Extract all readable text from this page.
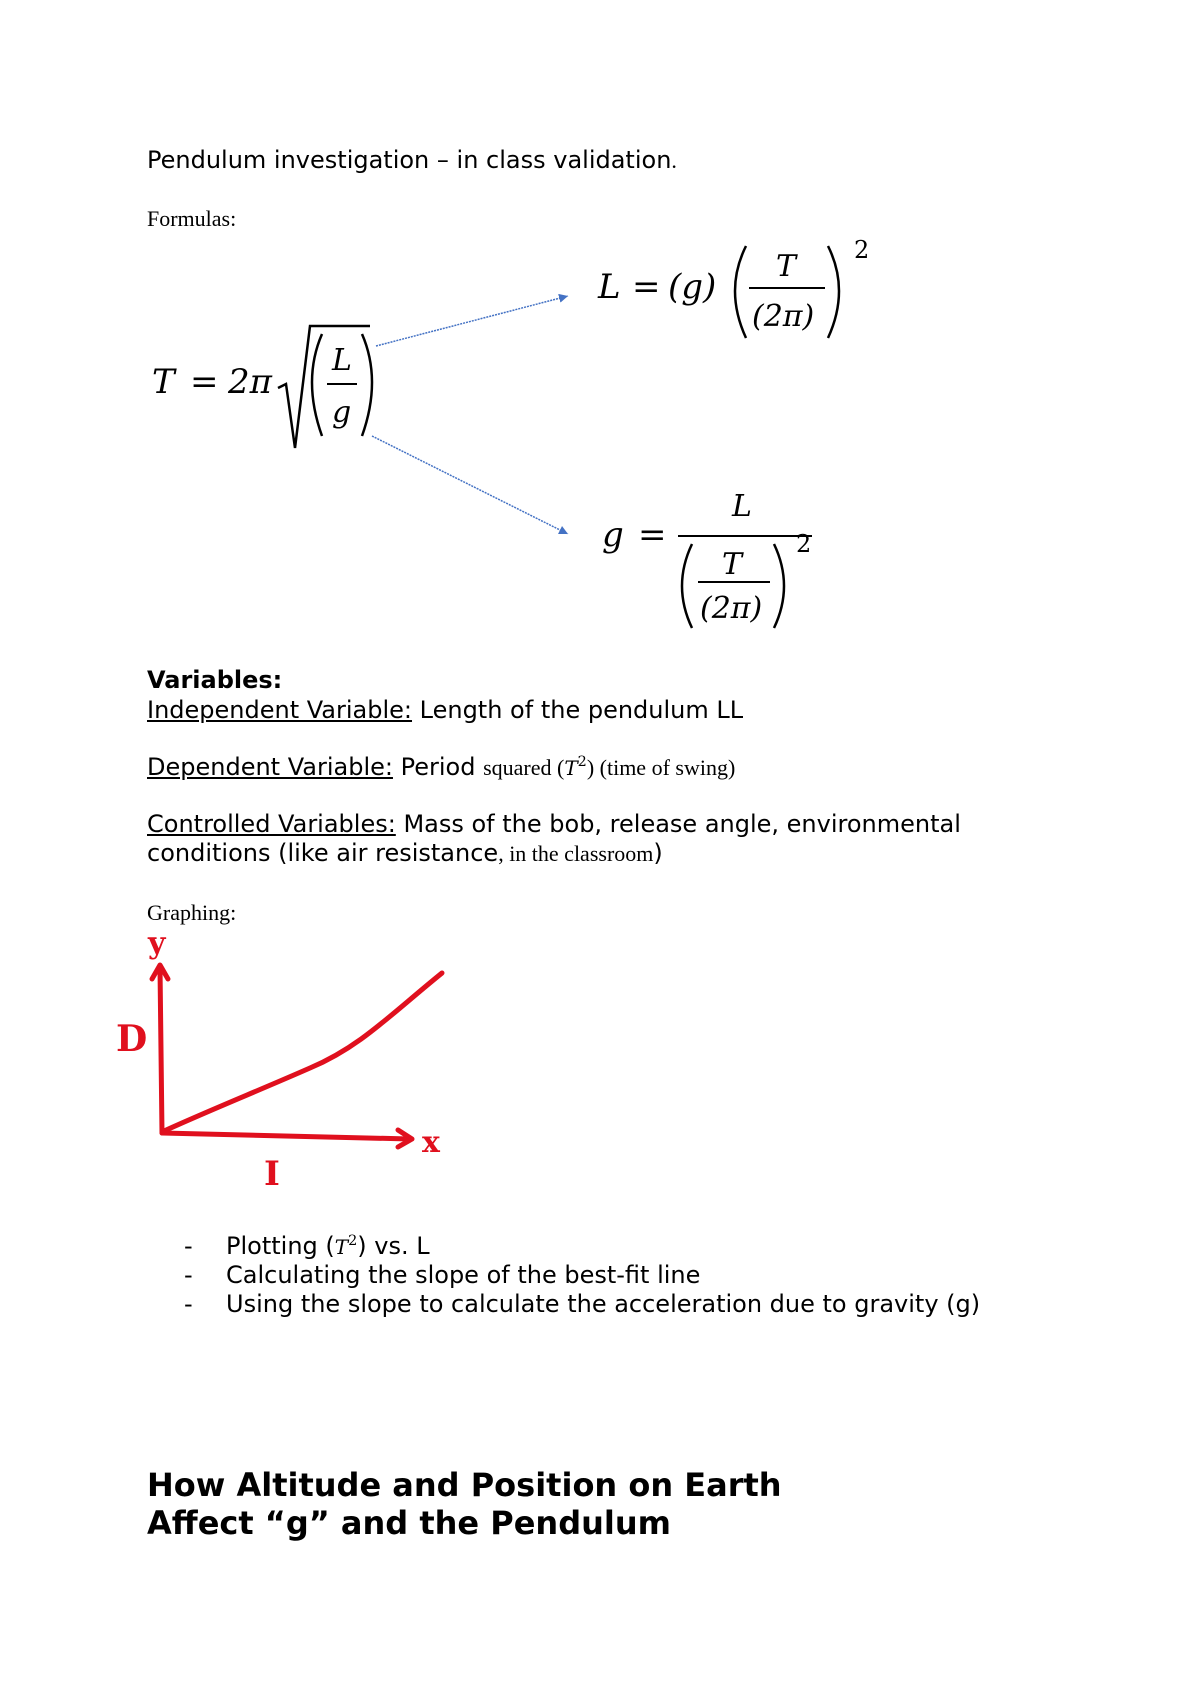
Pendulum investigation – in class validation.
Formulas:
T = 2π
L
g
L = (g)
T
(2π)
2
g =
L
T
(2π)
2
Variables:
Independent Variable: Length of the pendulum LL
Dependent Variable: Period squared $(T^2)$ (time of swing)
Controlled Variables: Mass of the bob, release angle, environmental
conditions (like air resistance, in the classroom)
Graphing:
y
x
D
I
- Plotting $(T^2)$ vs. L
- Calculating the slope of the best-fit line
- Using the slope to calculate the acceleration due to gravity (g)
How Altitude and Position on Earth
Affect “g” and the Pendulum
